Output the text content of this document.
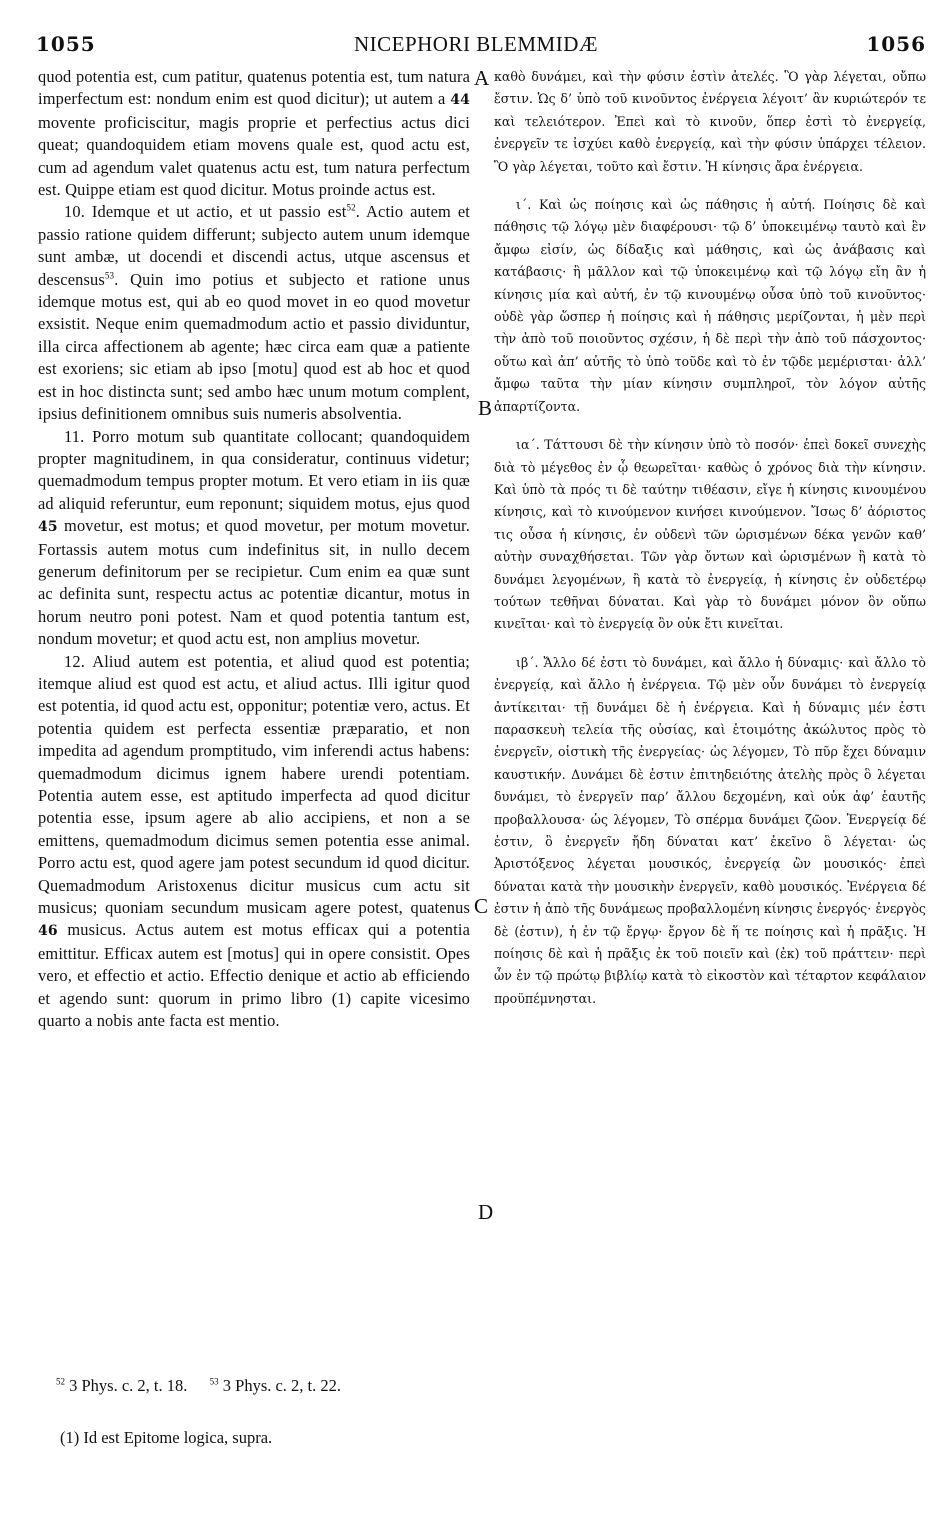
1055	NICEPHORI BLEMMIDÆ	1056

quod potentia est, cum patitur, quatenus potentia est, tum natura imperfectum est: nondum enim est quod dicitur); ut autem a 44 movente proficiscitur, magis proprie et perfectius actus dici queat; quandoquidem etiam movens quale est, quod actu est, cum ad agendum valet quatenus actu est, tum natura perfectum est. Quippe etiam est quod dicitur. Motus proinde actus est.

10. Idemque et ut actio, et ut passio est$^{52}$. Actio autem et passio ratione quidem differunt; subjecto autem unum idemque sunt ambæ, ut docendi et discendi actus, utque ascensus et descensus$^{53}$. Quin imo potius et subjecto et ratione unus idemque motus est, qui ab eo quod movet in eo quod movetur exsistit. Neque enim quemadmodum actio et passio dividuntur, illa circa affectionem ab agente; hæc circa eam quæ a patiente est exoriens; sic etiam ab ipso [motu] quod est ab hoc et quod est in hoc distincta sunt; sed ambo hæc unum motum complent, ipsius definitionem omnibus suis numeris absolventia.

11. Porro motum sub quantitate collocant; quandoquidem propter magnitudinem, in qua consideratur, continuus videtur; quemadmodum tempus propter motum. Et vero etiam in iis quæ ad aliquid referuntur, eum reponunt; siquidem motus, ejus quod 45 movetur, est motus; et quod movetur, per motum movetur. Fortassis autem motus cum indefinitus sit, in nullo decem generum definitorum per se recipietur. Cum enim ea quæ sunt ac definita sunt, respectu actus ac potentiæ dicantur, motus in horum neutro poni potest. Nam et quod potentia tantum est, nondum movetur; et quod actu est, non amplius movetur.

12. Aliud autem est potentia, et aliud quod est potentia; itemque aliud est quod est actu, et aliud actus. Illi igitur quod est potentia, id quod actu est, opponitur; potentiæ vero, actus. Et potentia quidem est perfecta essentiæ præparatio, et non impedita ad agendum promptitudo, vim inferendi actus habens: quemadmodum dicimus ignem habere urendi potentiam. Potentia autem esse, est aptitudo imperfecta ad quod dicitur potentia esse, ipsum agere ab alio accipiens, et non a se emittens, quemadmodum dicimus semen potentia esse animal. Porro actu est, quod agere jam potest secundum id quod dicitur. Quemadmodum Aristoxenus dicitur musicus cum actu sit musicus; quoniam secundum musicam agere potest, quatenus 46 musicus. Actus autem est motus efficax qui a potentia emittitur. Efficax autem est [motus] qui in opere consistit. Opes vero, et effectio et actio. Effectio denique et actio ab efficiendo et agendo sunt: quorum in primo libro (1) capite vicesimo quarto a nobis ante facta est mentio.

A
B
C
D

καθὸ δυνάμει, καὶ τὴν φύσιν ἐστὶν ἀτελές. Ὃ γὰρ λέγεται, οὔπω ἔστιν. Ὡς δ’ ὑπὸ τοῦ κινοῦντος ἐνέργεια λέγοιτ’ ἂν κυριώτερόν τε καὶ τελειότερον. Ἐπεὶ καὶ τὸ κινοῦν, ὅπερ ἐστὶ τὸ ἐνεργείᾳ, ἐνεργεῖν τε ἰσχύει καθὸ ἐνεργείᾳ, καὶ τὴν φύσιν ὑπάρχει τέλειον. Ὃ γὰρ λέγεται, τοῦτο καὶ ἔστιν. Ἡ κίνησις ἄρα ἐνέργεια.

ι΄. Καὶ ὡς ποίησις καὶ ὡς πάθησις ἡ αὐτή. Ποίησις δὲ καὶ πάθησις τῷ λόγῳ μὲν διαφέρουσι· τῷ δ’ ὑποκειμένῳ ταυτὸ καὶ ἓν ἄμφω εἰσίν, ὡς δίδαξις καὶ μάθησις, καὶ ὡς ἀνάβασις καὶ κατάβασις· ἢ μᾶλλον καὶ τῷ ὑποκειμένῳ καὶ τῷ λόγῳ εἴη ἂν ἡ κίνησις μία καὶ αὐτή, ἐν τῷ κινουμένῳ οὖσα ὑπὸ τοῦ κινοῦντος· οὐδὲ γὰρ ὥσπερ ἡ ποίησις καὶ ἡ πάθησις μερίζονται, ἡ μὲν περὶ τὴν ἀπὸ τοῦ ποιοῦντος σχέσιν, ἡ δὲ περὶ τὴν ἀπὸ τοῦ πάσχοντος· οὕτω καὶ ἀπ’ αὐτῆς τὸ ὑπὸ τοῦδε καὶ τὸ ἐν τῷδε μεμέρισται· ἀλλ’ ἄμφω ταῦτα τὴν μίαν κίνησιν συμπληροῖ, τὸν λόγον αὐτῆς ἀπαρτίζοντα.

ια΄. Τάττουσι δὲ τὴν κίνησιν ὑπὸ τὸ ποσόν· ἐπεὶ δοκεῖ συνεχὴς διὰ τὸ μέγεθος ἐν ᾧ θεωρεῖται· καθὼς ὁ χρόνος διὰ τὴν κίνησιν. Καὶ ὑπὸ τὰ πρός τι δὲ ταύτην τιθέασιν, εἴγε ἡ κίνησις κινουμένου κίνησις, καὶ τὸ κινούμενον κινήσει κινούμενον. Ἴσως δ’ ἀόριστος τις οὖσα ἡ κίνησις, ἐν οὐδενὶ τῶν ὡρισμένων δέκα γενῶν καθ’ αὑτὴν συναχθήσεται. Τῶν γὰρ ὄντων καὶ ὡρισμένων ἢ κατὰ τὸ δυνάμει λεγομένων, ἢ κατὰ τὸ ἐνεργείᾳ, ἡ κίνησις ἐν οὐδετέρῳ τούτων τεθῆναι δύναται. Καὶ γὰρ τὸ δυνάμει μόνον ὂν οὔπω κινεῖται· καὶ τὸ ἐνεργείᾳ ὂν οὐκ ἔτι κινεῖται.

ιβ΄. Ἄλλο δέ ἐστι τὸ δυνάμει, καὶ ἄλλο ἡ δύναμις· καὶ ἄλλο τὸ ἐνεργείᾳ, καὶ ἄλλο ἡ ἐνέργεια. Τῷ μὲν οὖν δυνάμει τὸ ἐνεργείᾳ ἀντίκειται· τῇ δυνάμει δὲ ἡ ἐνέργεια. Καὶ ἡ δύναμις μέν ἐστι παρασκευὴ τελεία τῆς οὐσίας, καὶ ἑτοιμότης ἀκώλυτος πρὸς τὸ ἐνεργεῖν, οἰστικὴ τῆς ἐνεργείας· ὡς λέγομεν, Τὸ πῦρ ἔχει δύναμιν καυστικήν. Δυνάμει δὲ ἐστιν ἐπιτηδειότης ἀτελὴς πρὸς ὃ λέγεται δυνάμει, τὸ ἐνεργεῖν παρ’ ἄλλου δεχομένη, καὶ οὐκ ἀφ’ ἑαυτῆς προβαλλουσα· ὡς λέγομεν, Τὸ σπέρμα δυνάμει ζῶον. Ἐνεργείᾳ δέ ἐστιν, ὃ ἐνεργεῖν ἤδη δύναται κατ’ ἐκεῖνο ὃ λέγεται· ὡς Ἀριστόξενος λέγεται μουσικός, ἐνεργείᾳ ὢν μουσικός· ἐπεὶ δύναται κατὰ τὴν μουσικὴν ἐνεργεῖν, καθὸ μουσικός. Ἐνέργεια δέ ἐστιν ἡ ἀπὸ τῆς δυνάμεως προβαλλομένη κίνησις ἐνεργός· ἐνεργὸς δὲ (ἐστιν), ἡ ἐν τῷ ἔργῳ· ἔργον δὲ ἥ τε ποίησις καὶ ἡ πρᾶξις. Ἡ ποίησις δὲ καὶ ἡ πρᾶξις ἐκ τοῦ ποιεῖν καὶ (ἐκ) τοῦ πράττειν· περὶ ὧν ἐν τῷ πρώτῳ βιβλίῳ κατὰ τὸ εἰκοστὸν καὶ τέταρτον κεφάλαιον προϋπέμνησται.

$^{52}$ 3 Phys. c. 2, t. 18. $^{53}$ 3 Phys. c. 2, t. 22.
(1) Id est Epitome logica, supra.
